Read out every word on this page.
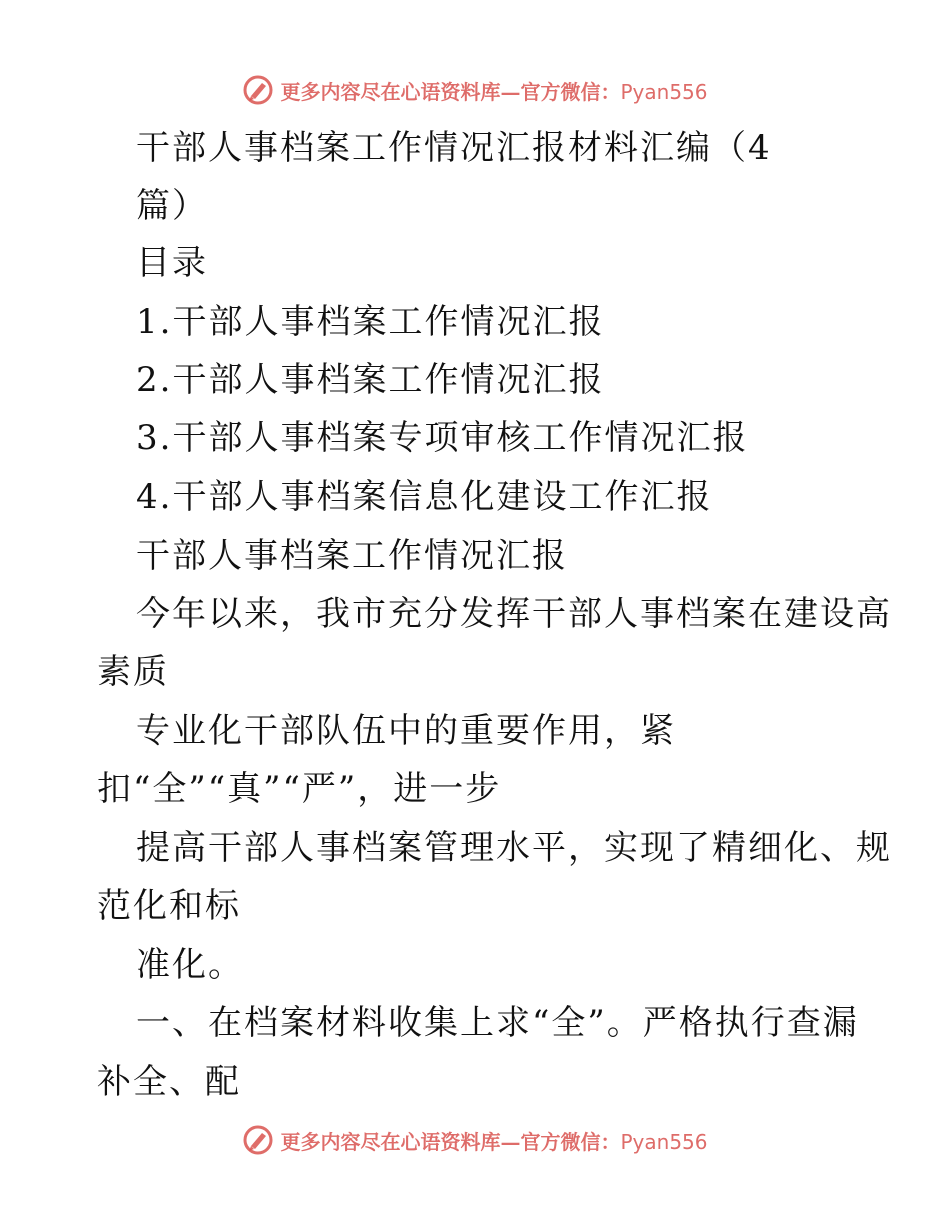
更多内容尽在心语资料库—官方微信：Pyan556
干部人事档案工作情况汇报材料汇编（4
篇）
目录
1.干部人事档案工作情况汇报
2.干部人事档案工作情况汇报
3.干部人事档案专项审核工作情况汇报
4.干部人事档案信息化建设工作汇报
干部人事档案工作情况汇报
今年以来，我市充分发挥干部人事档案在建设高
素质
专业化干部队伍中的重要作用，紧
扣“全”“真”“严”，进一步
提高干部人事档案管理水平，实现了精细化、规
范化和标
准化。
一、在档案材料收集上求“全”。严格执行查漏
补全、配
更多内容尽在心语资料库—官方微信：Pyan556
